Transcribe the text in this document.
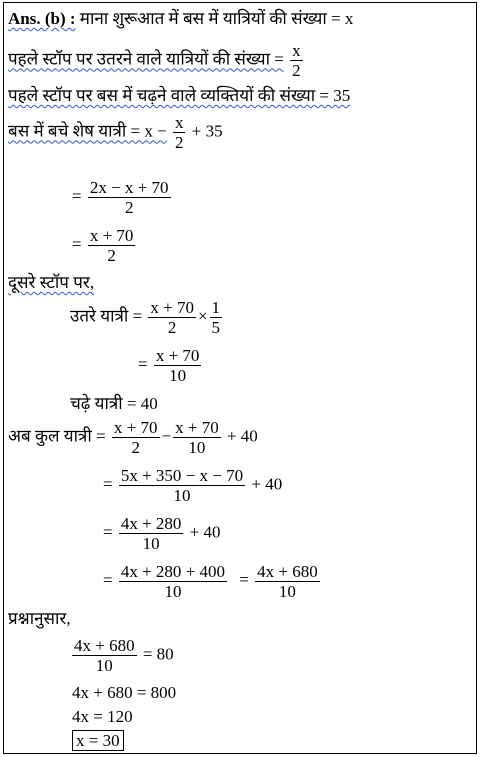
Ans. (b) : माना शुरूआत में बस में यात्रियों की संख्या = x
पहले स्टॉप पर उतरने वाले यात्रियों की संख्या = $\frac{x}{2}$
पहले स्टॉप पर बस में चढ़ने वाले व्यक्तियों की संख्या = 35
बस में बचे शेष यात्री = $x - \frac{x}{2} + 35$
= $\frac{2x - x + 70}{2}$
= $\frac{x + 70}{2}$
दूसरे स्टॉप पर,
उतरे यात्री = $\frac{x + 70}{2} \times \frac{1}{5}$
= $\frac{x + 70}{10}$
चढ़े यात्री = 40
अब कुल यात्री = $\frac{x + 70}{2} - \frac{x + 70}{10} + 40$
= $\frac{5x + 350 - x - 70}{10} + 40$
= $\frac{4x + 280}{10} + 40$
= $\frac{4x + 280 + 400}{10} = \frac{4x + 680}{10}$
प्रश्नानुसार,
$\frac{4x + 680}{10} = 80$
4x + 680 = 800
4x = 120
x = 30
